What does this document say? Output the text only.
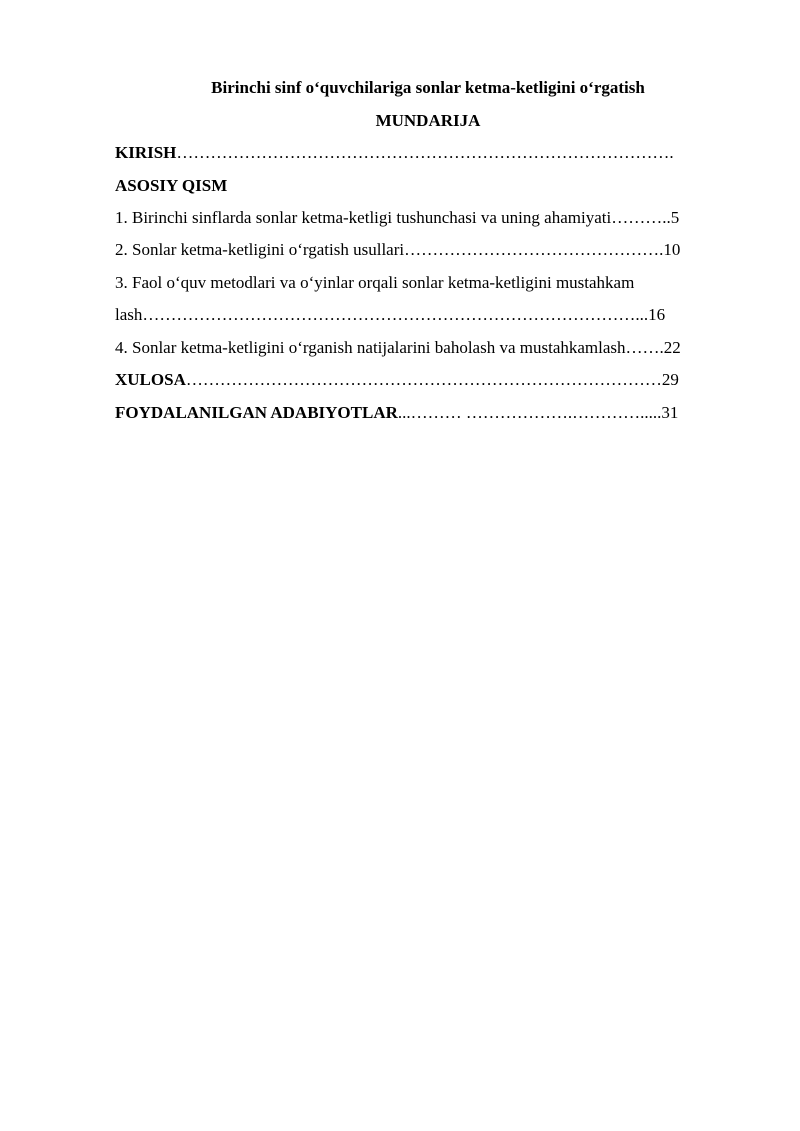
Birinchi sinf o‘quvchilariga sonlar ketma-ketligini o‘rgatish
MUNDARIJA
KIRISH…………………………………………………………………………….
ASOSIY QISM
1. Birinchi sinflarda sonlar ketma-ketligi tushunchasi va uning ahamiyati………..5
2. Sonlar ketma-ketligini o‘rgatish usullari……………………………………….10
3. Faol o‘quv metodlari va o‘yinlar orqali sonlar ketma-ketligini mustahkam
lash……………………………………………………………………………...16
4. Sonlar ketma-ketligini o‘rganish natijalarini baholash va mustahkamlash…….22
XULOSA…………………………………………………………………………29
FOYDALANILGAN ADABIYOTLAR...……… ……………….………….....31
